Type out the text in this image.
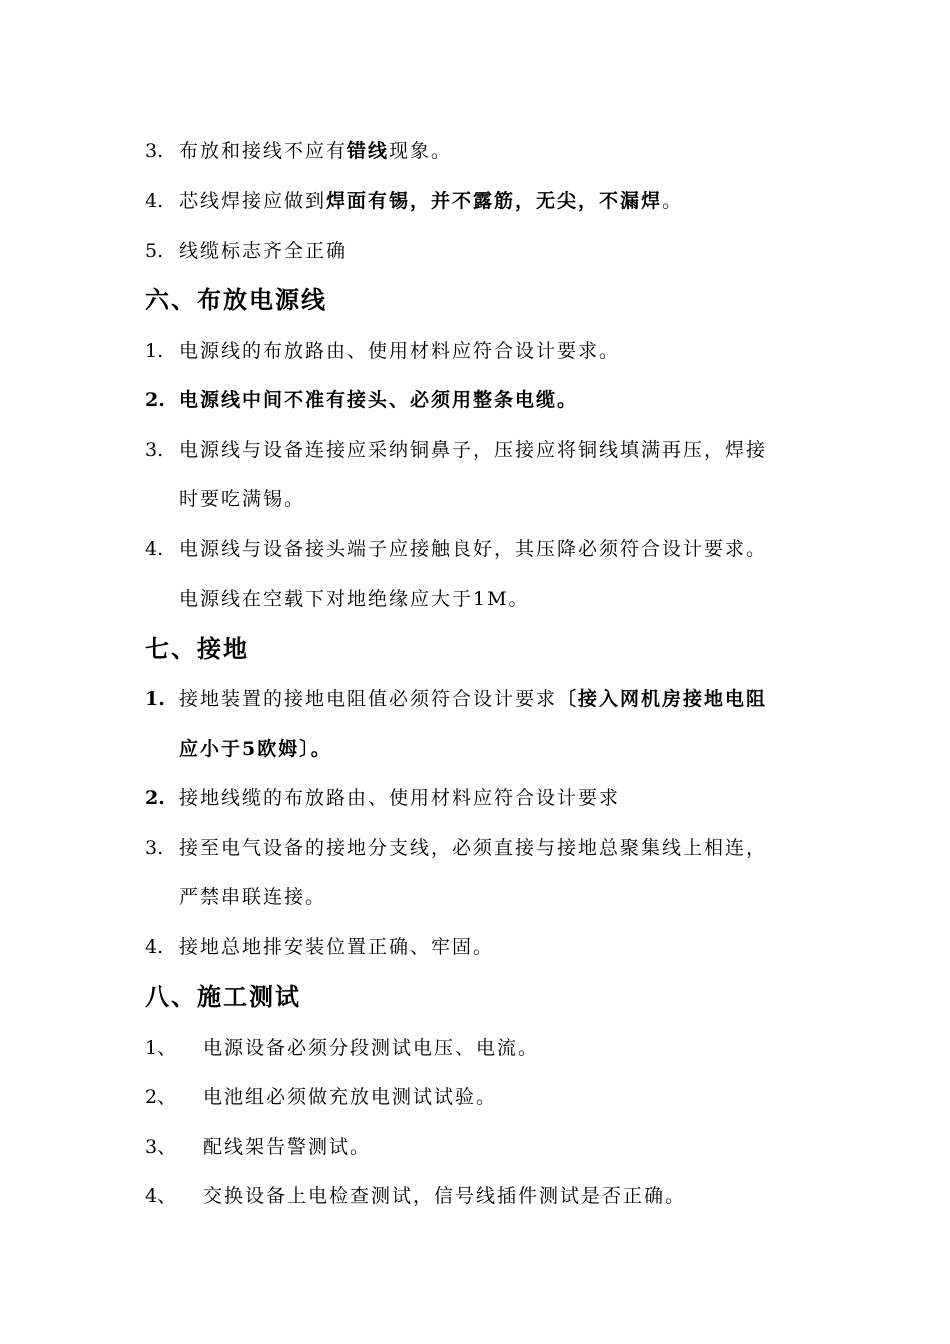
3. 布放和接线不应有错线现象。
4. 芯线焊接应做到焊面有锡，并不露筋，无尖，不漏焊。
5. 线缆标志齐全正确
六、布放电源线
1. 电源线的布放路由、使用材料应符合设计要求。
2. 电源线中间不准有接头、必须用整条电缆。
3. 电源线与设备连接应采纳铜鼻子，压接应将铜线填满再压，焊接
时要吃满锡。
4. 电源线与设备接头端子应接触良好，其压降必须符合设计要求。
电源线在空载下对地绝缘应大于1M。
七、接地
1. 接地装置的接地电阻值必须符合设计要求〔接入网机房接地电阻
应小于5欧姆〕。
2. 接地线缆的布放路由、使用材料应符合设计要求
3. 接至电气设备的接地分支线，必须直接与接地总聚集线上相连，
严禁串联连接。
4. 接地总地排安装位置正确、牢固。
八、施工测试
1、 电源设备必须分段测试电压、电流。
2、 电池组必须做充放电测试试验。
3、 配线架告警测试。
4、 交换设备上电检查测试，信号线插件测试是否正确。
